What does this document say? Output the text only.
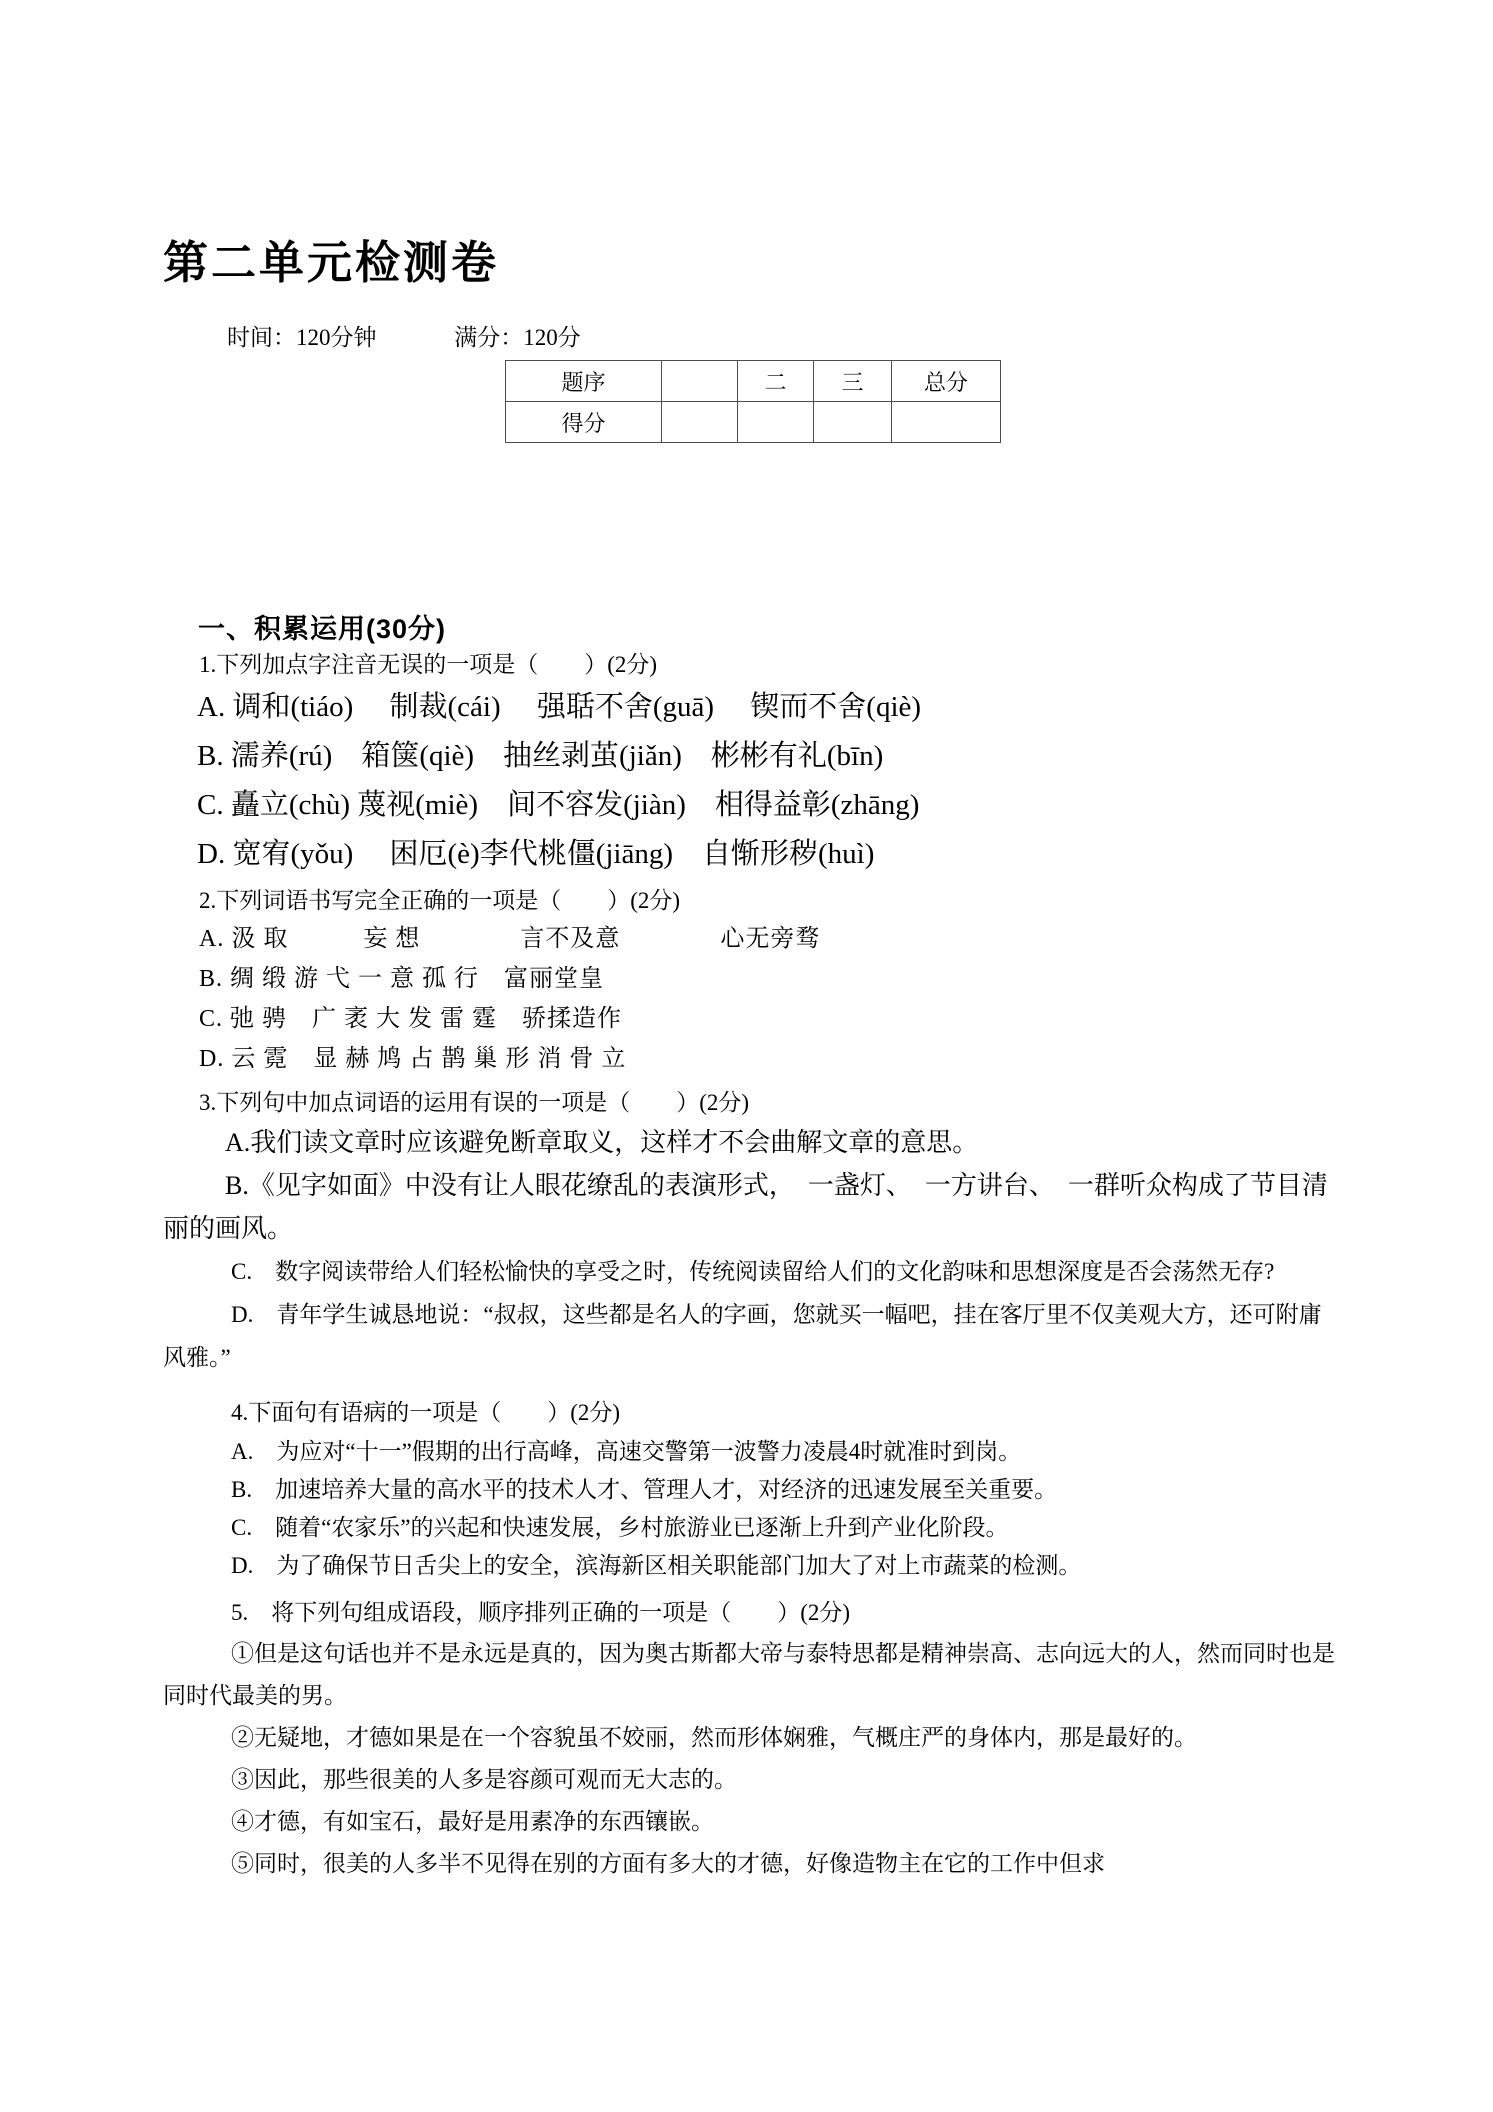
第二单元检测卷
时间：120分钟	满分：120分
题序		二	三	总分
得分				
一、积累运用(30分)

1.下列加点字注音无误的一项是（　　）(2分)

A. 调和(tiáo)　 制裁(cái)　 强聒不舍(guā)　 锲而不舍(qiè)

B. 濡养(rú)　箱箧(qiè)　抽丝剥茧(jiǎn)　彬彬有礼(bīn)

C. 矗立(chù) 蔑视(miè)　间不容发(jiàn)　相得益彰(zhāng)

D. 宽宥(yǒu)　 困厄(è)李代桃僵(jiāng)　自惭形秽(huì)

2.下列词语书写完全正确的一项是（　　）(2分)

A. 汲 取　　　妄 想　　　　言不及意　　　　心无旁骛

B. 绸 缎 游 弋 一 意 孤 行　富丽堂皇

C. 弛 骋　广 袤 大 发 雷 霆　骄揉造作

D. 云 霓　显 赫 鸠 占 鹊 巢 形 消 骨 立

3.下列句中加点词语的运用有误的一项是（　　）(2分)

A.我们读文章时应该避免断章取义，这样才不会曲解文章的意思。

B.《见字如面》中没有让人眼花缭乱的表演形式，　一盏灯、　一方讲台、　一群听众构成了节目清丽的画风。

C.　数字阅读带给人们轻松愉快的享受之时，传统阅读留给人们的文化韵味和思想深度是否会荡然无存?

D.　青年学生诚恳地说：“叔叔，这些都是名人的字画，您就买一幅吧，挂在客厅里不仅美观大方，还可附庸风雅。”

4.下面句有语病的一项是（　　）(2分)

A.　为应对“十一”假期的出行高峰，高速交警第一波警力凌晨4时就准时到岗。

B.　加速培养大量的高水平的技术人才、管理人才，对经济的迅速发展至关重要。

C.　随着“农家乐”的兴起和快速发展，乡村旅游业已逐渐上升到产业化阶段。

D.　为了确保节日舌尖上的安全，滨海新区相关职能部门加大了对上市蔬菜的检测。

5.　将下列句组成语段，顺序排列正确的一项是（　　）(2分)

①但是这句话也并不是永远是真的，因为奥古斯都大帝与泰特思都是精神崇高、志向远大的人，然而同时也是同时代最美的男。

②无疑地，才德如果是在一个容貌虽不姣丽，然而形体娴雅，气概庄严的身体内，那是最好的。

③因此，那些很美的人多是容颜可观而无大志的。

④才德，有如宝石，最好是用素净的东西镶嵌。

⑤同时，很美的人多半不见得在别的方面有多大的才德，好像造物主在它的工作中但求
